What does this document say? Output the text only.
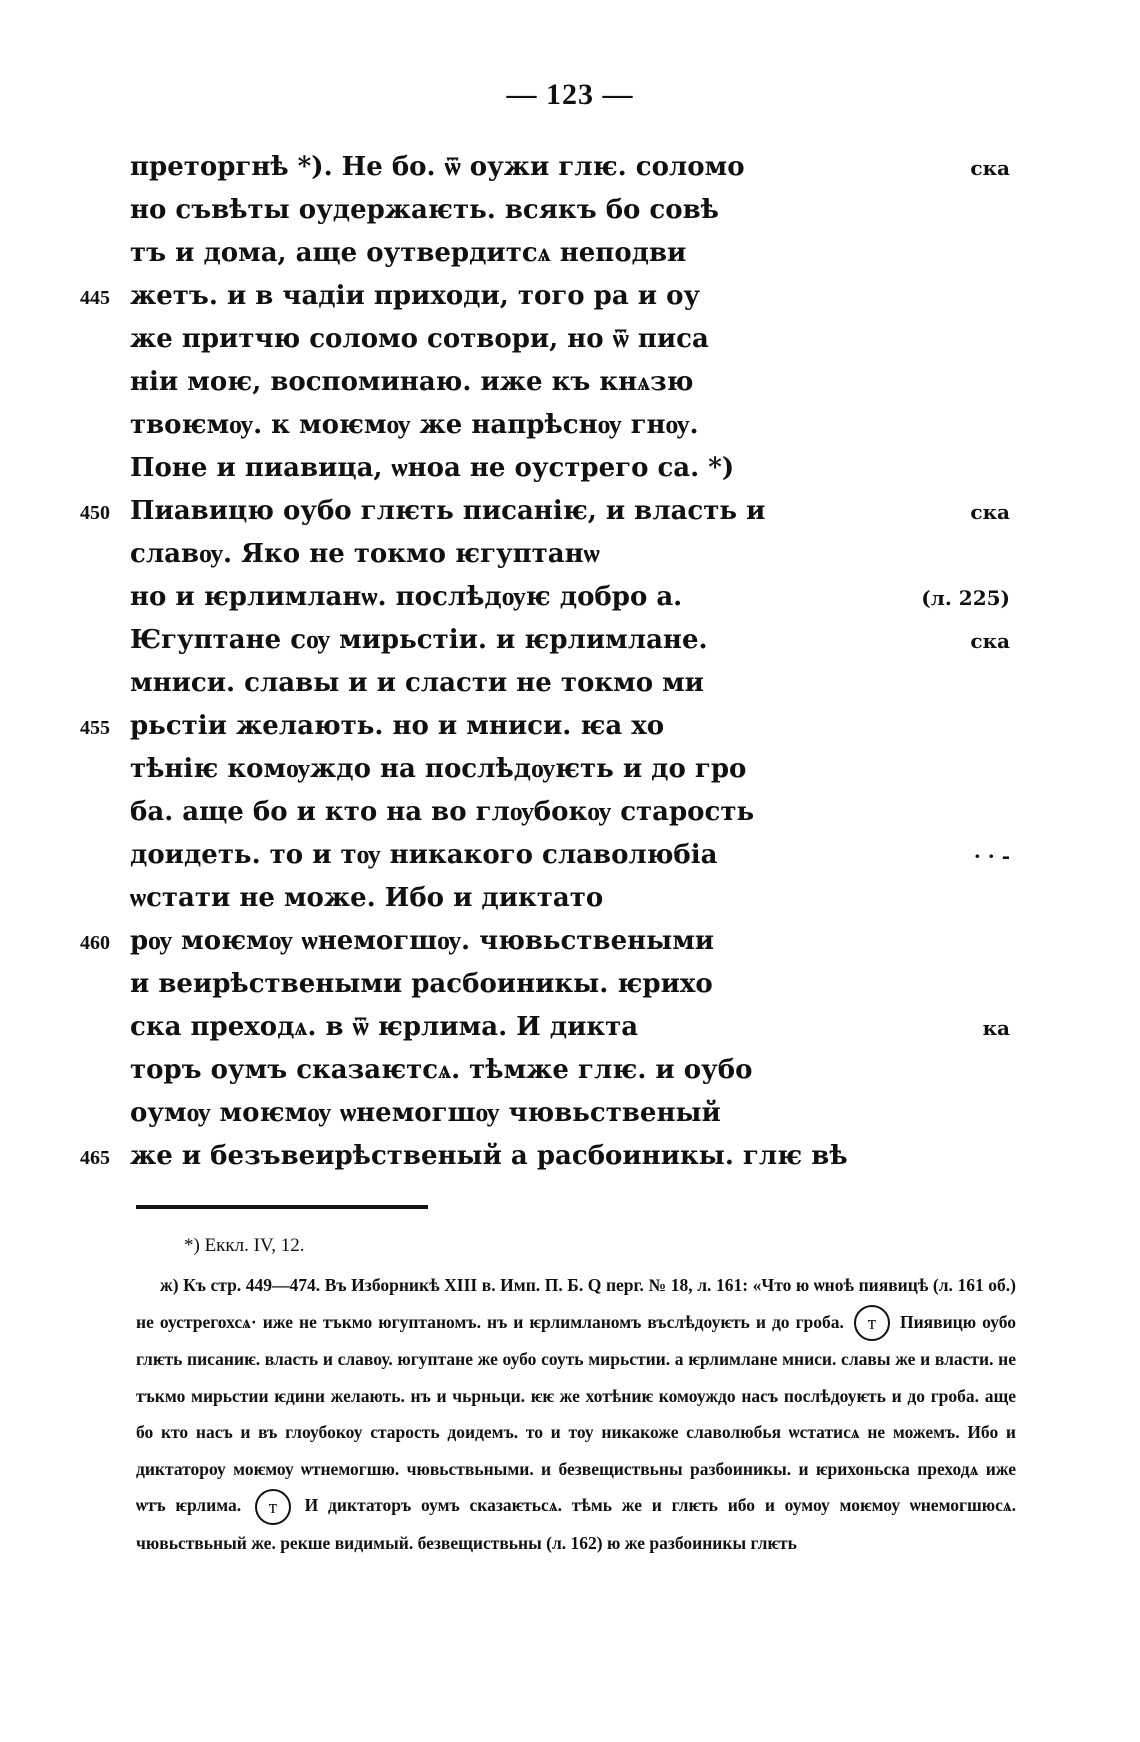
— 123 —
преторгнѣ *). Не бо. ѿ оужи глѥ. соломо	ска
но съвѣты оудержаѥть. всякъ бо совѣ
тъ и дома, аще оутвердитсѧ неподви
445 жетъ. и в чадіи приходи, того ра и оу
же притчю соломо сотвори, но ѿ писа
ніи моѥ, воспоминаю. иже къ кнѧзю
твоѥмѹ. к моѥмѹ же напрѣснѹ гнѹ.
Поне и пиавица, ѡноа не оустрего са. *)
450 Пиавицю оубо глѥть писаніѥ, и власть и	ска
славѹ. Яко не токмо ѥгуптанѡ
но и ѥрлимланѡ. послѣдѹѥ добро а.	(л. 225)
Ѥгуптане сѹ мирьстіи. и ѥрлимлане.	ска
мниси. славы и и сласти не токмо ми
455 рьстіи желають. но и мниси. ѥа хо
тѣніѥ комѹждо на послѣдѹѥть и до гро
ба. аще бо и кто на во глѹбокѹ старость
доидеть. то и тѹ никакого славолюбіа	· · -
ѡстати не може. Ибо и диктато
460 рѹ моѥмѹ ѡнемогшѹ. чювьствеными
и веирѣствеными расбоиникы. ѥрихо
ска преходѧ. в ѿ ѥрлима. И дикта	ка
торъ оумъ сказаѥтсѧ. тѣмже глѥ. и оубо
оумѹ моѥмѹ ѡнемогшѹ чювьственый
465 же и безъвеирѣственый а расбоиникы. глѥ вѣ
*) Еккл. IV, 12.
ж) Къ стр. 449—474. Въ Изборникѣ XIII в. Имп. П. Б. Q перг. № 18, л. 161: «Что ю ѡнoѣ пиявицѣ (л. 161 об.) не оустрегохсѧ· иже не тъкмо югуптаномъ. нъ и ѥрлимланомъ въслѣдоуѥть и до гроба. т Пиявицю оубо глѥть писаниѥ. власть и славоу. югуптане же оубо соуть мирьстии. а ѥрлимлане мниси. славы же и власти. не тъкмо мирьстии ѥдини желають. нъ и чьрньци. ѥѥ же хотѣниѥ комоуждо насъ послѣдоуѥть и до гроба. аще бо кто насъ и въ глоубокоу старость доидемъ. то и тоу никакоже славолюбья ѡстатисѧ не можемъ. Ибо и диктатороу моѥмоу ѡтнемогшю. чювьствьными. и безвещиствьны разбоиникы. и ѥрихоньска преходѧ иже ѡтъ ѥрлима. т И диктаторъ оумъ сказаѥтьсѧ. тѣмь же и глѥть ибо и оумоу моѥмоу ѡнемогшюсѧ. чювьствьный же. рекше видимый. безвещиствьны (л. 162) ю же разбоиникы глѥть
